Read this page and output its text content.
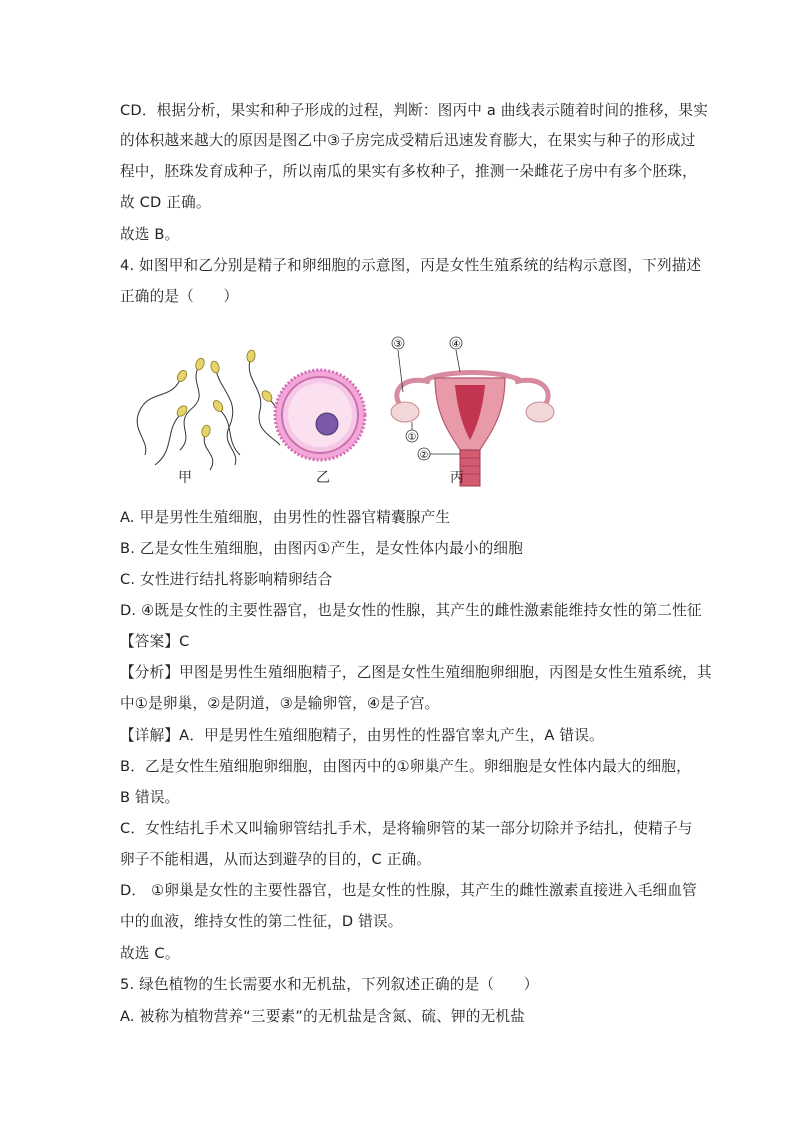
CD．根据分析，果实和种子形成的过程，判断：图丙中 a 曲线表示随着时间的推移，果实
的体积越来越大的原因是图乙中③子房完成受精后迅速发育膨大，在果实与种子的形成过
程中，胚珠发育成种子，所以南瓜的果实有多枚种子，推测一朵雌花子房中有多个胚珠，
故 CD 正确。
故选 B。
4. 如图甲和乙分别是精子和卵细胞的示意图，丙是女性生殖系统的结构示意图，下列描述
正确的是（　　）
③	④
①
②
甲	乙	丙
A. 甲是男性生殖细胞，由男性的性器官精囊腺产生
B. 乙是女性生殖细胞，由图丙①产生，是女性体内最小的细胞
C. 女性进行结扎将影响精卵结合
D. ④既是女性的主要性器官，也是女性的性腺，其产生的雌性激素能维持女性的第二性征
【答案】C
【分析】甲图是男性生殖细胞精子，乙图是女性生殖细胞卵细胞，丙图是女性生殖系统，其
中①是卵巢，②是阴道，③是输卵管，④是子宫。
【详解】A．甲是男性生殖细胞精子，由男性的性器官睾丸产生，A 错误。
B．乙是女性生殖细胞卵细胞，由图丙中的①卵巢产生。卵细胞是女性体内最大的细胞，
B 错误。
C．女性结扎手术又叫输卵管结扎手术，是将输卵管的某一部分切除并予结扎，使精子与
卵子不能相遇，从而达到避孕的目的，C 正确。
D． ①卵巢是女性的主要性器官，也是女性的性腺，其产生的雌性激素直接进入毛细血管
中的血液，维持女性的第二性征，D 错误。
故选 C。
5. 绿色植物的生长需要水和无机盐，下列叙述正确的是（　　）
A. 被称为植物营养“三要素”的无机盐是含氮、硫、钾的无机盐
